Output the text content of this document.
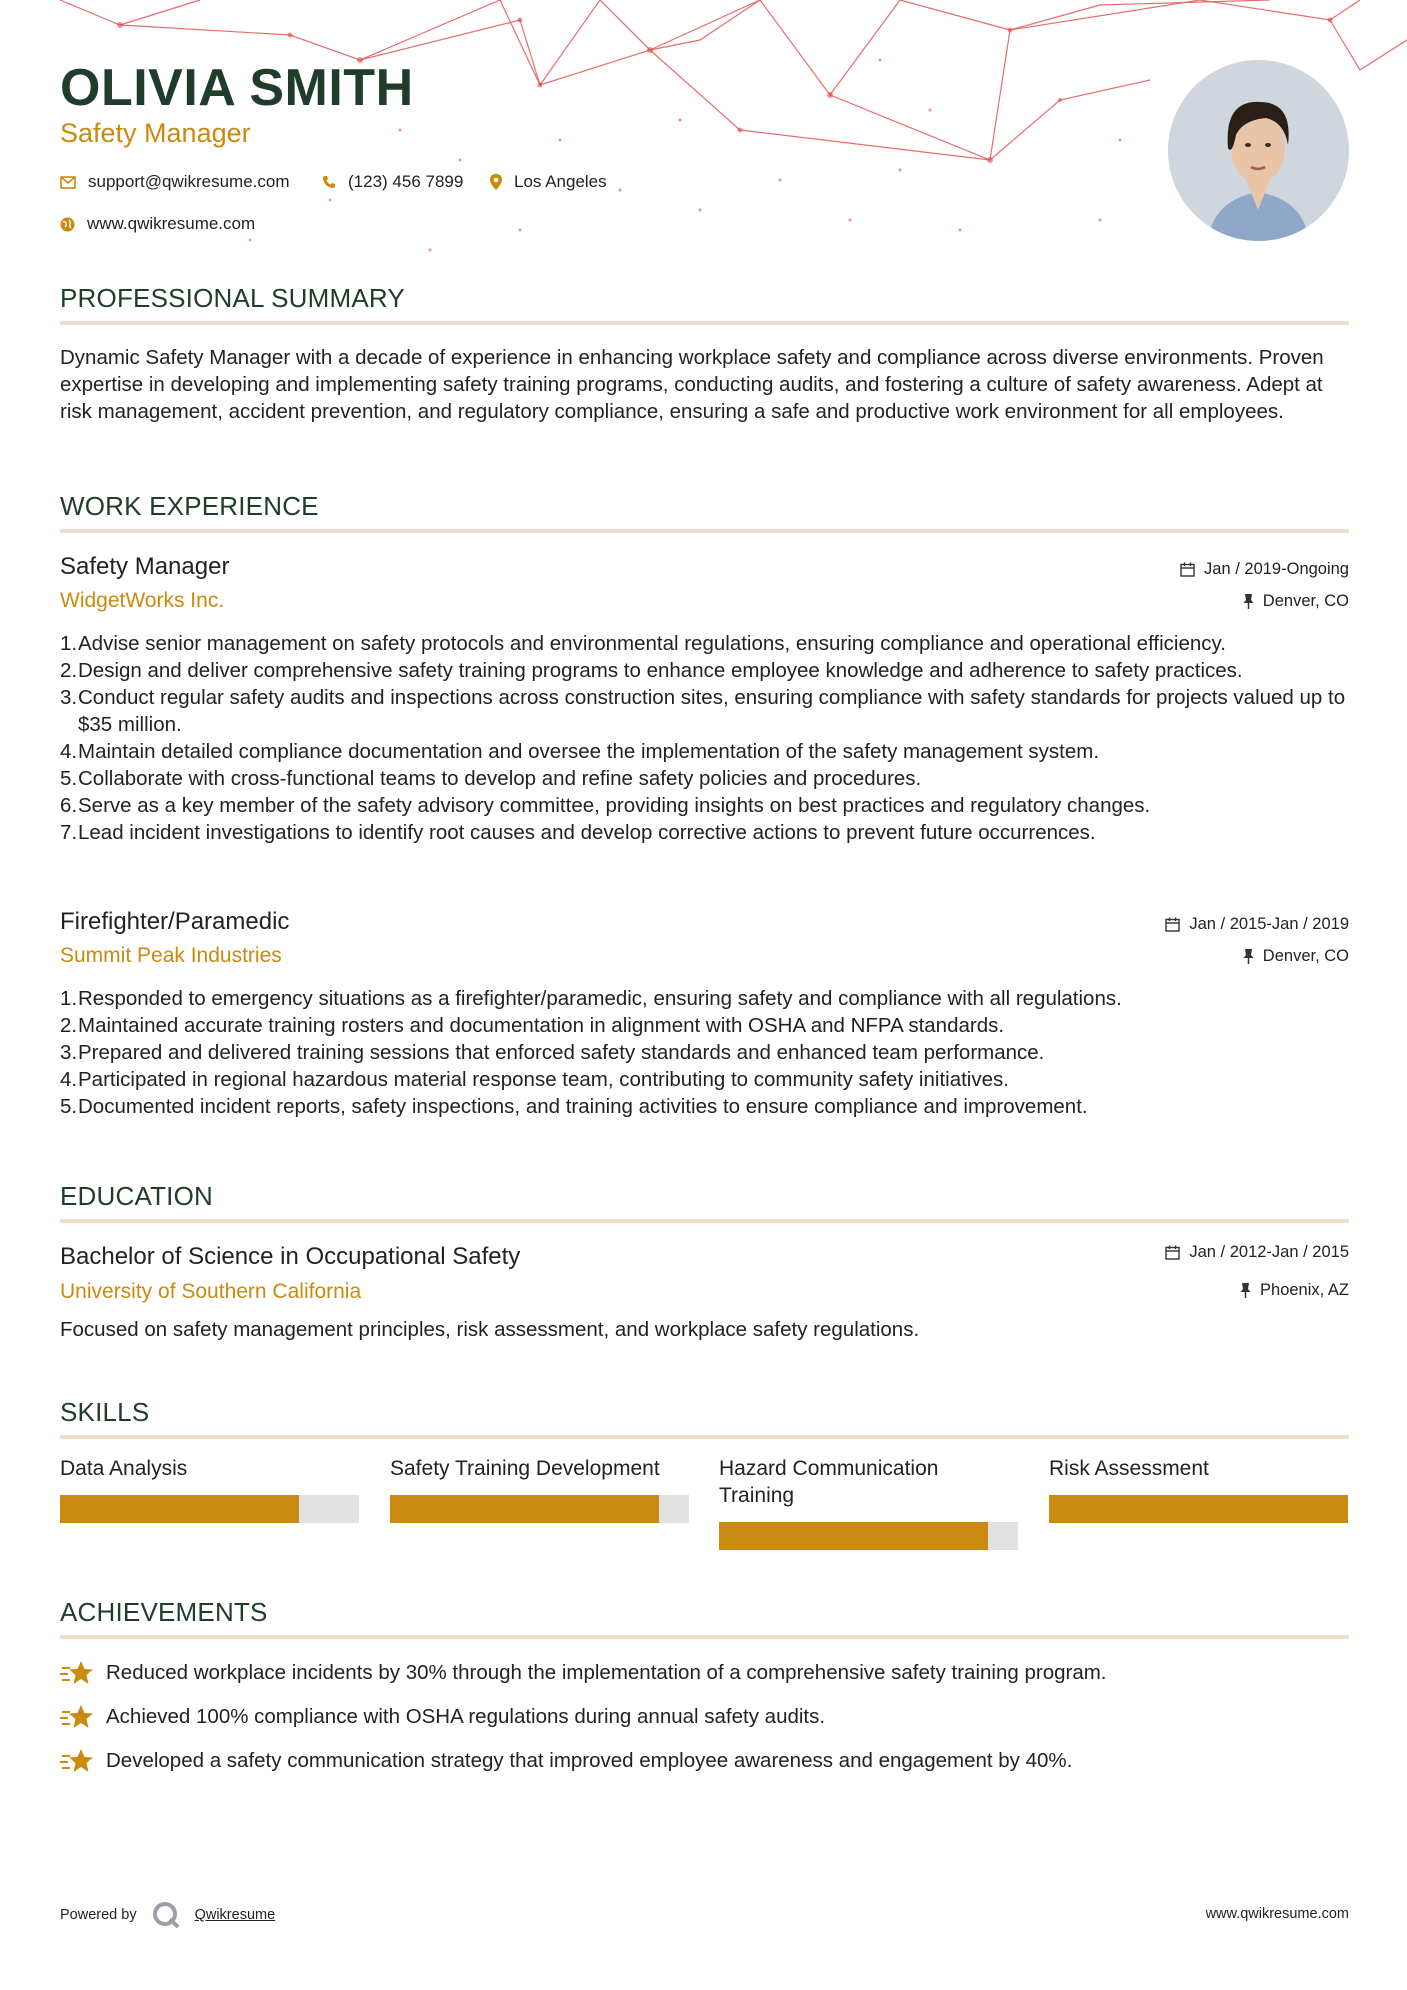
OLIVIA SMITH
Safety Manager
support@qwikresume.com	(123) 456 7899	Los Angeles
www.qwikresume.com
PROFESSIONAL SUMMARY
Dynamic Safety Manager with a decade of experience in enhancing workplace safety and compliance across diverse environments. Proven expertise in developing and implementing safety training programs, conducting audits, and fostering a culture of safety awareness. Adept at risk management, accident prevention, and regulatory compliance, ensuring a safe and productive work environment for all employees.
WORK EXPERIENCE
Safety Manager
WidgetWorks Inc.
Jan / 2019-Ongoing
Denver, CO
1. Advise senior management on safety protocols and environmental regulations, ensuring compliance and operational efficiency.
2. Design and deliver comprehensive safety training programs to enhance employee knowledge and adherence to safety practices.
3. Conduct regular safety audits and inspections across construction sites, ensuring compliance with safety standards for projects valued up to $35 million.
4. Maintain detailed compliance documentation and oversee the implementation of the safety management system.
5. Collaborate with cross-functional teams to develop and refine safety policies and procedures.
6. Serve as a key member of the safety advisory committee, providing insights on best practices and regulatory changes.
7. Lead incident investigations to identify root causes and develop corrective actions to prevent future occurrences.
Firefighter/Paramedic
Summit Peak Industries
Jan / 2015-Jan / 2019
Denver, CO
1. Responded to emergency situations as a firefighter/paramedic, ensuring safety and compliance with all regulations.
2. Maintained accurate training rosters and documentation in alignment with OSHA and NFPA standards.
3. Prepared and delivered training sessions that enforced safety standards and enhanced team performance.
4. Participated in regional hazardous material response team, contributing to community safety initiatives.
5. Documented incident reports, safety inspections, and training activities to ensure compliance and improvement.
EDUCATION
Bachelor of Science in Occupational Safety
University of Southern California
Jan / 2012-Jan / 2015
Phoenix, AZ
Focused on safety management principles, risk assessment, and workplace safety regulations.
SKILLS
Data Analysis	Safety Training Development	Hazard Communication Training
Risk Assessment
ACHIEVEMENTS
Reduced workplace incidents by 30% through the implementation of a comprehensive safety training program.
Achieved 100% compliance with OSHA regulations during annual safety audits.
Developed a safety communication strategy that improved employee awareness and engagement by 40%.
Powered by	Qwikresume	www.qwikresume.com
